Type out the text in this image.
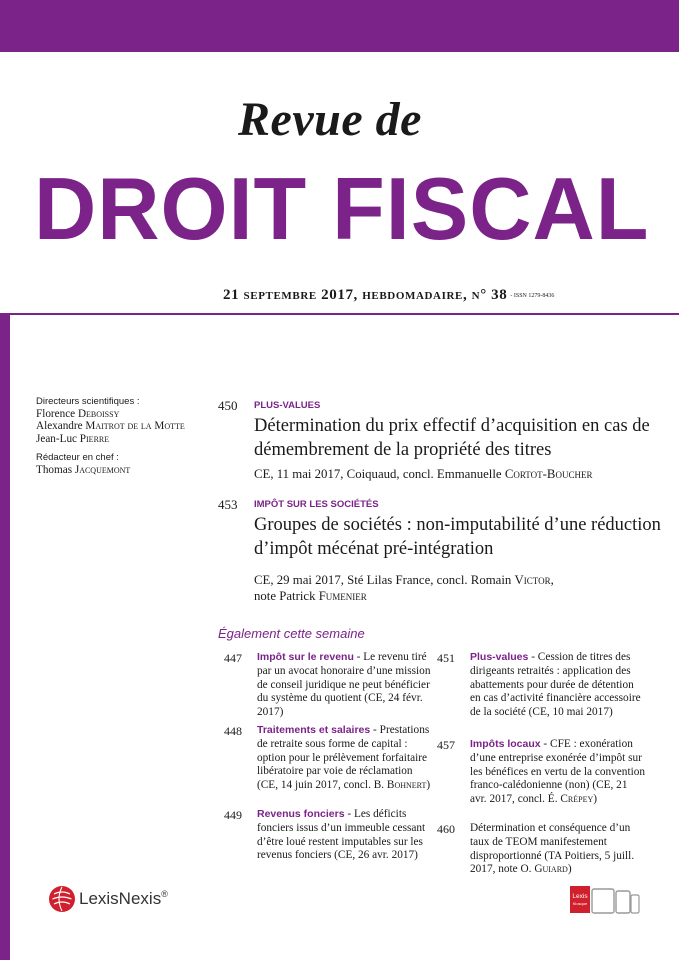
Revue de
DROIT FISCAL
21 septembre 2017, hebdomadaire, n° 38 - ISSN 1279-8436
Directeurs scientifiques :
Florence Deboissy
Alexandre Maitrot de la Motte
Jean-Luc Pierre
Rédacteur en chef :
Thomas Jacquemont
450 PLUS-VALUES
Détermination du prix effectif d’acquisition en cas de démembrement de la propriété des titres
CE, 11 mai 2017, Coiquaud, concl. Emmanuelle Cortot-Boucher
453 IMPÔT SUR LES SOCIÉTÉS
Groupes de sociétés : non-imputabilité d’une réduction d’impôt mécénat pré-intégration
CE, 29 mai 2017, Sté Lilas France, concl. Romain Victor,
note Patrick Fumenier
Également cette semaine
447 Impôt sur le revenu - Le revenu tiré par un avocat honoraire d’une mission de conseil juridique ne peut bénéficier du système du quotient (CE, 24 févr. 2017)
448 Traitements et salaires - Prestations de retraite sous forme de capital : option pour le prélèvement forfaitaire libératoire par voie de réclamation (CE, 14 juin 2017, concl. B. Bohnert)
449 Revenus fonciers - Les déficits fonciers issus d’un immeuble cessant d’être loué restent imputables sur les revenus fonciers (CE, 26 avr. 2017)
451 Plus-values - Cession de titres des dirigeants retraités : application des abattements pour durée de détention en cas d’activité financière accessoire de la société (CE, 10 mai 2017)
457 Impôts locaux - CFE : exonération d’une entreprise exonérée d’impôt sur les bénéfices en vertu de la convention franco-calédonienne (non) (CE, 21 avr. 2017, concl. É. Crépey)
460 Détermination et conséquence d’un taux de TEOM manifestement disproportionné (TA Poitiers, 5 juill. 2017, note O. Guiard)
LexisNexis®	Lexis
Kiosque
